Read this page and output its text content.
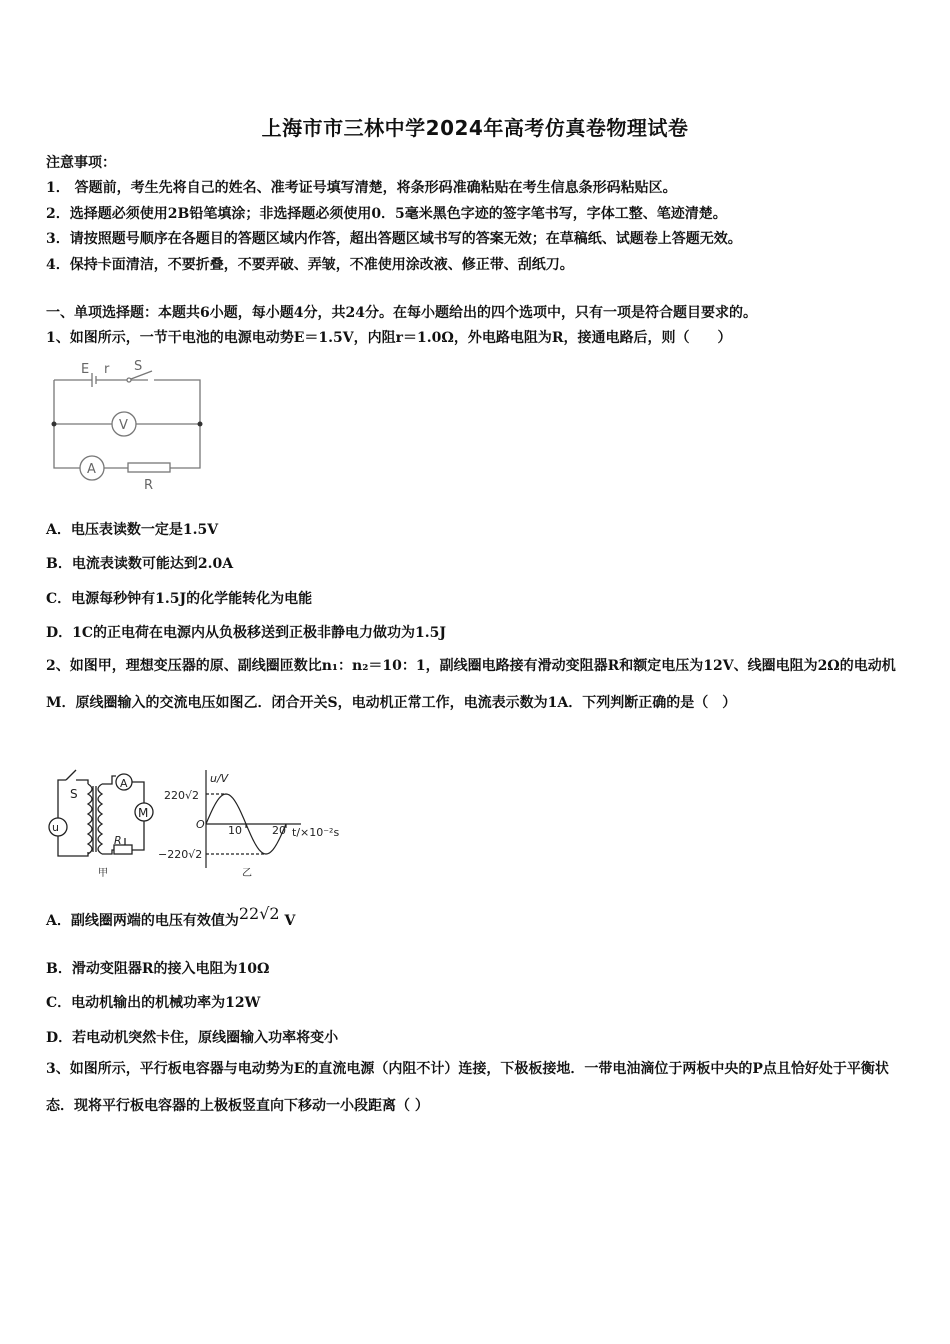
上海市市三林中学2024年高考仿真卷物理试卷
注意事项：
1． 答题前，考生先将自己的姓名、准考证号填写清楚，将条形码准确粘贴在考生信息条形码粘贴区。
2．选择题必须使用2B铅笔填涂；非选择题必须使用0．5毫米黑色字迹的签字笔书写，字体工整、笔迹清楚。
3．请按照题号顺序在各题目的答题区域内作答，超出答题区域书写的答案无效；在草稿纸、试题卷上答题无效。
4．保持卡面清洁，不要折叠，不要弄破、弄皱，不准使用涂改液、修正带、刮纸刀。
一、单项选择题：本题共6小题，每小题4分，共24分。在每小题给出的四个选项中，只有一项是符合题目要求的。
1、如图所示，一节干电池的电源电动势E＝1.5V，内阻r＝1.0Ω，外电路电阻为R，接通电路后，则（　　）
E r S
V
A
R
A．电压表读数一定是1.5V
B．电流表读数可能达到2.0A
C．电源每秒钟有1.5J的化学能转化为电能
D．1C的正电荷在电源内从负极移送到正极非静电力做功为1.5J
2、如图甲，理想变压器的原、副线圈匝数比n₁：n₂＝10：1，副线圈电路接有滑动变阻器R和额定电压为12V、线圈电阻为2Ω的电动机M．原线圈输入的交流电压如图乙．闭合开关S，电动机正常工作，电流表示数为1A．下列判断正确的是（　）
u
S
A
M
R
甲
u/V
220√2
−220√2
O 10	20 t/×10⁻²s
乙
A．副线圈两端的电压有效值为22√2 V
B．滑动变阻器R的接入电阻为10Ω
C．电动机输出的机械功率为12W
D．若电动机突然卡住，原线圈输入功率将变小
3、如图所示，平行板电容器与电动势为E的直流电源（内阻不计）连接，下极板接地．一带电油滴位于两板中央的P点且恰好处于平衡状态．现将平行板电容器的上极板竖直向下移动一小段距离（ ）
